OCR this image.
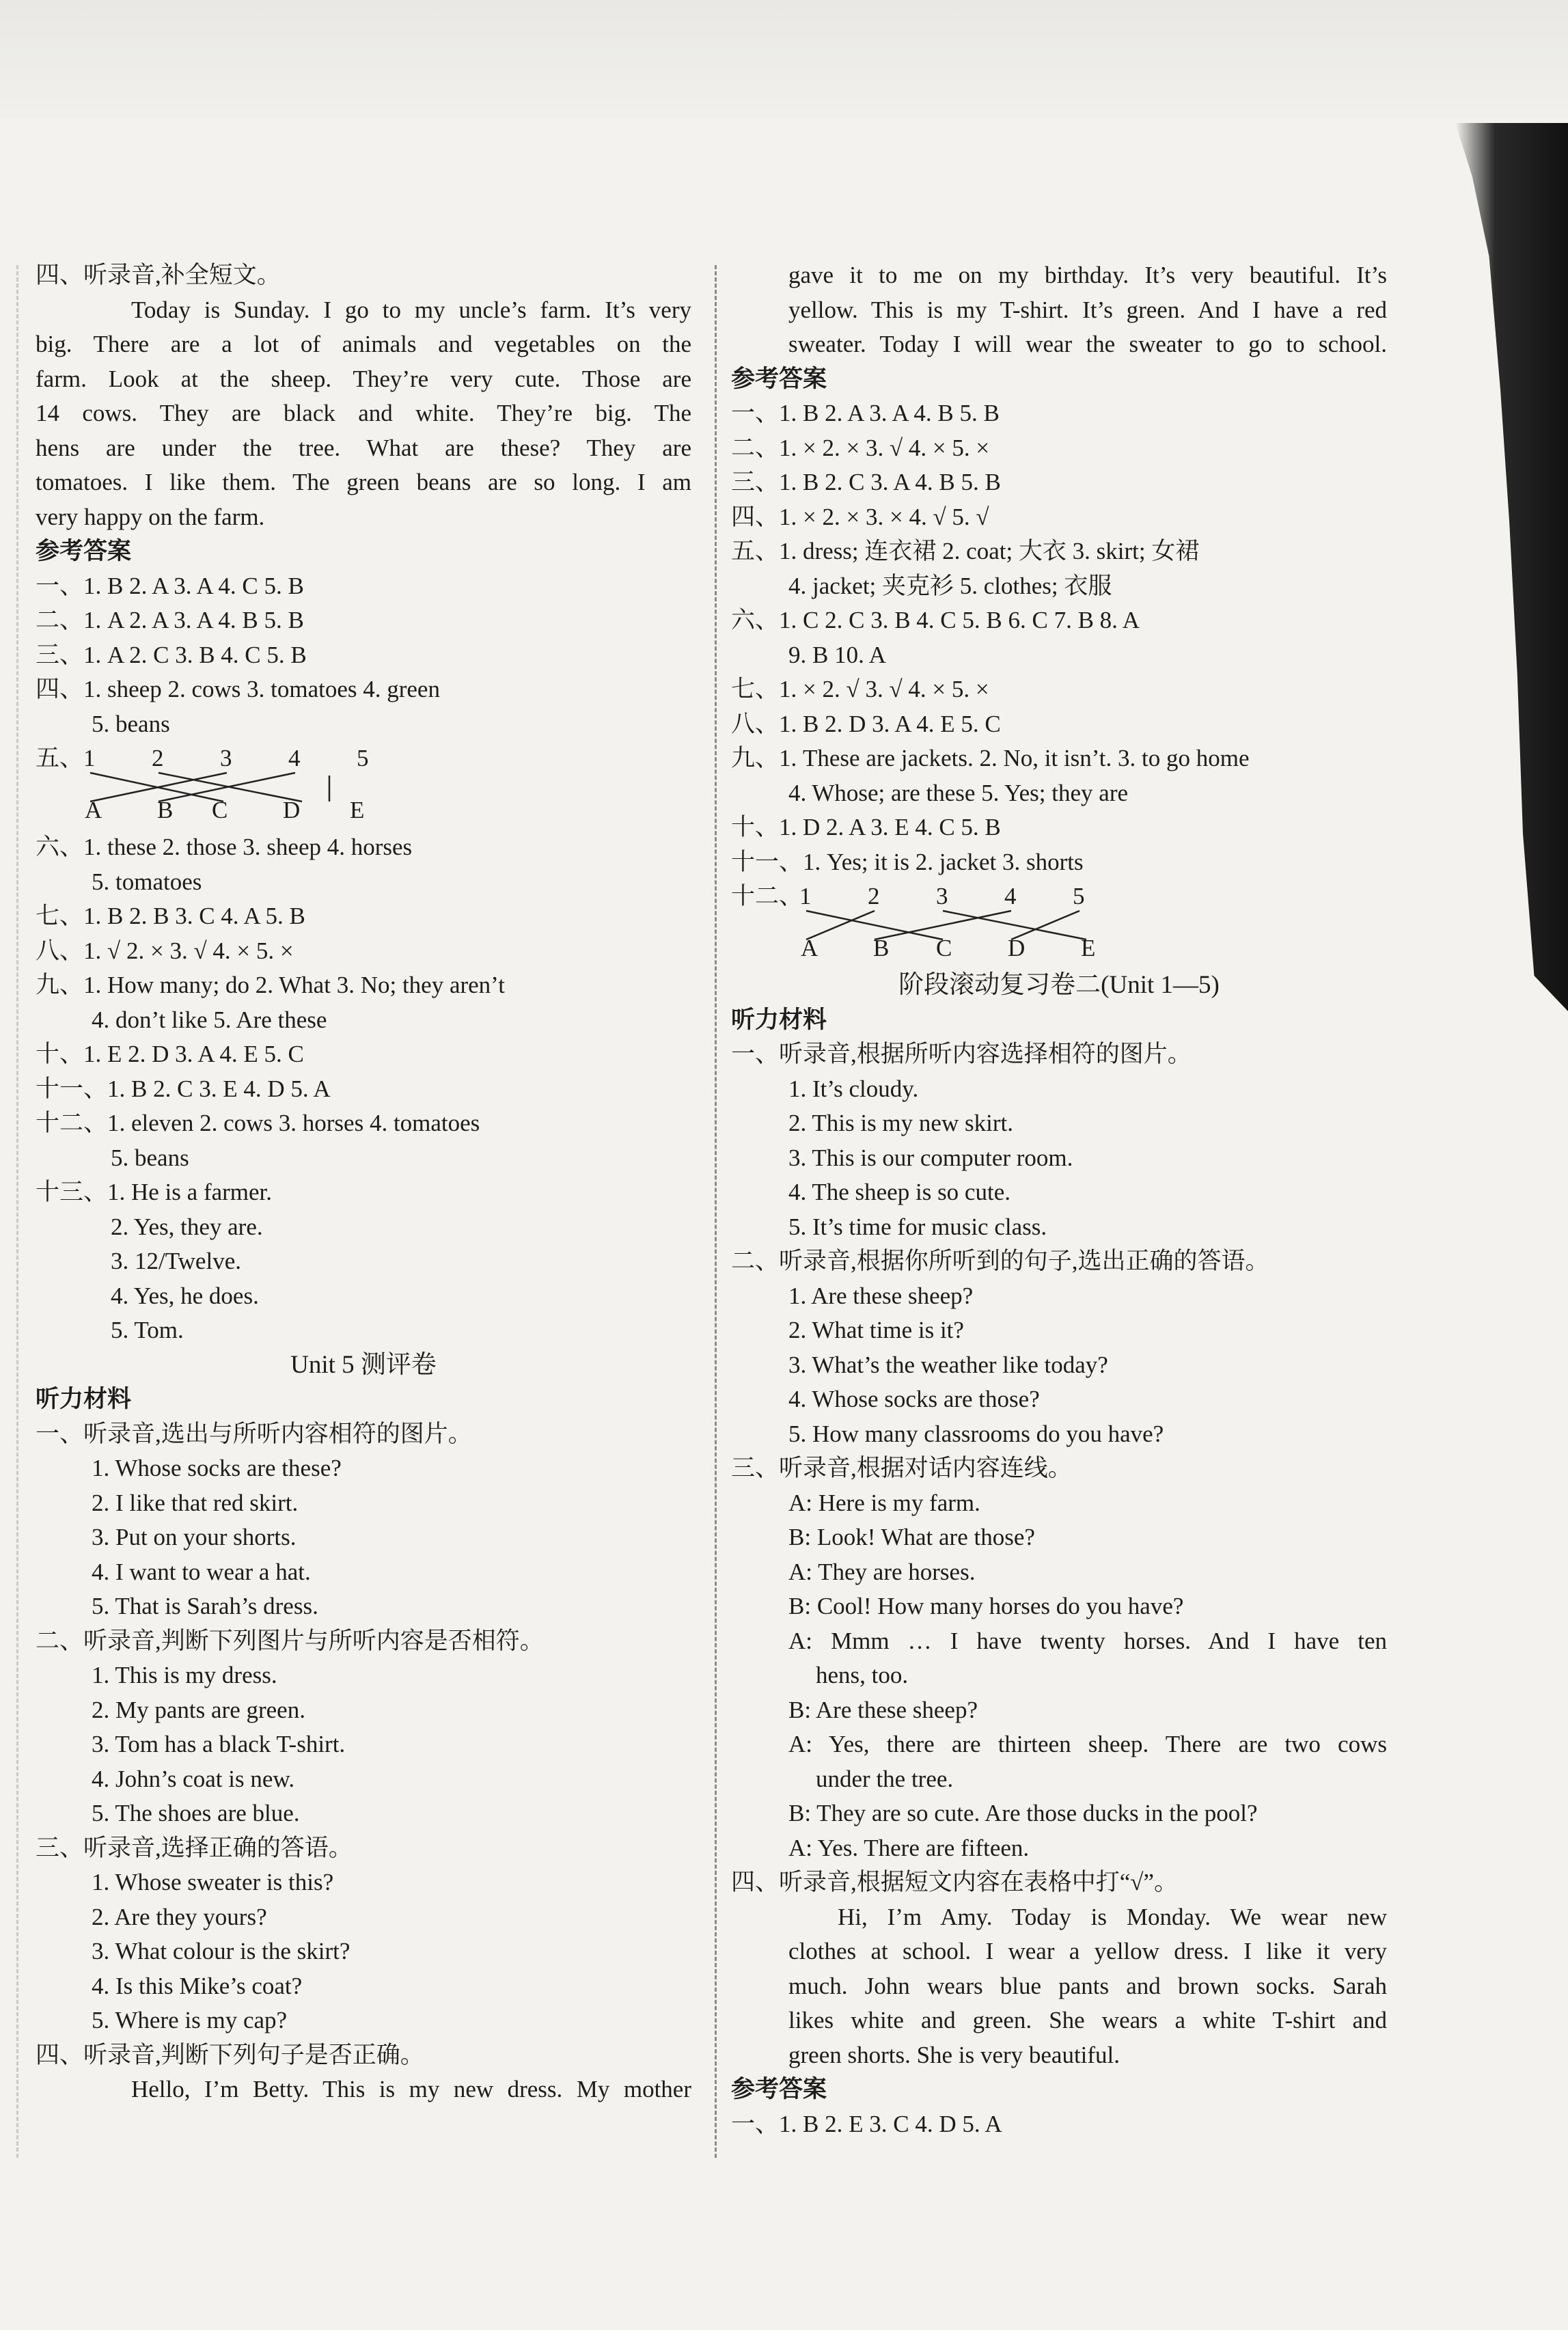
四、听录音,补全短文。
Today is Sunday. I go to my uncle’s farm. It’s very
big. There are a lot of animals and vegetables on the
farm. Look at the sheep. They’re very cute. Those are
14 cows. They are black and white. They’re big. The
hens are under the tree. What are these? They are
tomatoes. I like them. The green beans are so long. I am
very happy on the farm.
参考答案
一、1. B 2. A 3. A 4. C 5. B
二、1. A 2. A 3. A 4. B 5. B
三、1. A 2. C 3. B 4. C 5. B
四、1. sheep 2. cows 3. tomatoes 4. green
5. beans
五、 1 2 3 4 5
A B C D E
六、1. these 2. those 3. sheep 4. horses
5. tomatoes
七、1. B 2. B 3. C 4. A 5. B
八、1. √ 2. × 3. √ 4. × 5. ×
九、1. How many; do 2. What 3. No; they aren’t
4. don’t like 5. Are these
十、1. E 2. D 3. A 4. E 5. C
十一、1. B 2. C 3. E 4. D 5. A
十二、1. eleven 2. cows 3. horses 4. tomatoes
5. beans
十三、1. He is a farmer.
2. Yes, they are.
3. 12/Twelve.
4. Yes, he does.
5. Tom.
Unit 5 测评卷
听力材料
一、听录音,选出与所听内容相符的图片。
1. Whose socks are these?
2. I like that red skirt.
3. Put on your shorts.
4. I want to wear a hat.
5. That is Sarah’s dress.
二、听录音,判断下列图片与所听内容是否相符。
1. This is my dress.
2. My pants are green.
3. Tom has a black T-shirt.
4. John’s coat is new.
5. The shoes are blue.
三、听录音,选择正确的答语。
1. Whose sweater is this?
2. Are they yours?
3. What colour is the skirt?
4. Is this Mike’s coat?
5. Where is my cap?
四、听录音,判断下列句子是否正确。
Hello, I’m Betty. This is my new dress. My mother
gave it to me on my birthday. It’s very beautiful. It’s
yellow. This is my T-shirt. It’s green. And I have a red
sweater. Today I will wear the sweater to go to school.
参考答案
一、1. B 2. A 3. A 4. B 5. B
二、1. × 2. × 3. √ 4. × 5. ×
三、1. B 2. C 3. A 4. B 5. B
四、1. × 2. × 3. × 4. √ 5. √
五、1. dress; 连衣裙 2. coat; 大衣 3. skirt; 女裙
4. jacket; 夹克衫 5. clothes; 衣服
六、1. C 2. C 3. B 4. C 5. B 6. C 7. B 8. A
9. B 10. A
七、1. × 2. √ 3. √ 4. × 5. ×
八、1. B 2. D 3. A 4. E 5. C
九、1. These are jackets. 2. No, it isn’t. 3. to go home
4. Whose; are these 5. Yes; they are
十、1. D 2. A 3. E 4. C 5. B
十一、1. Yes; it is 2. jacket 3. shorts
十二、
1 2 3 4 5
A B C D E
阶段滚动复习卷二(Unit 1—5)
听力材料
一、听录音,根据所听内容选择相符的图片。
1. It’s cloudy.
2. This is my new skirt.
3. This is our computer room.
4. The sheep is so cute.
5. It’s time for music class.
二、听录音,根据你所听到的句子,选出正确的答语。
1. Are these sheep?
2. What time is it?
3. What’s the weather like today?
4. Whose socks are those?
5. How many classrooms do you have?
三、听录音,根据对话内容连线。
A: Here is my farm.
B: Look! What are those?
A: They are horses.
B: Cool! How many horses do you have?
A: Mmm … I have twenty horses. And I have ten
hens, too.
B: Are these sheep?
A: Yes, there are thirteen sheep. There are two cows
under the tree.
B: They are so cute. Are those ducks in the pool?
A: Yes. There are fifteen.
四、听录音,根据短文内容在表格中打“√”。
Hi, I’m Amy. Today is Monday. We wear new
clothes at school. I wear a yellow dress. I like it very
much. John wears blue pants and brown socks. Sarah
likes white and green. She wears a white T-shirt and
green shorts. She is very beautiful.
参考答案
一、1. B 2. E 3. C 4. D 5. A
